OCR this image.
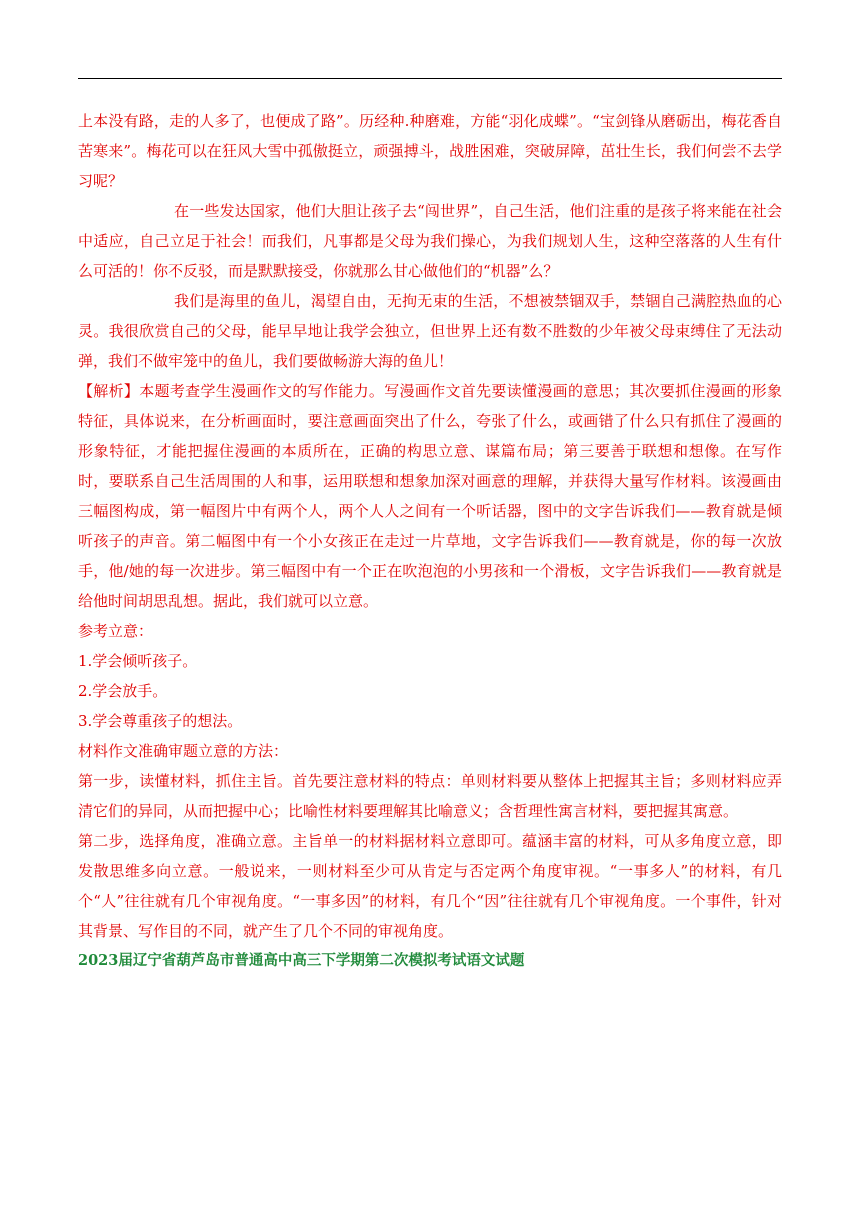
上本没有路，走的人多了，也便成了路”。历经种.种磨难，方能“羽化成蝶”。“宝剑锋从磨砺出，梅花香自苦寒来”。梅花可以在狂风大雪中孤傲挺立，顽强搏斗，战胜困难，突破屏障，茁壮生长，我们何尝不去学习呢？

在一些发达国家，他们大胆让孩子去“闯世界”，自己生活，他们注重的是孩子将来能在社会中适应，自己立足于社会！而我们，凡事都是父母为我们操心，为我们规划人生，这种空落落的人生有什么可活的！你不反驳，而是默默接受，你就那么甘心做他们的“机器”么？

我们是海里的鱼儿，渴望自由，无拘无束的生活，不想被禁锢双手，禁锢自己满腔热血的心灵。我很欣赏自己的父母，能早早地让我学会独立，但世界上还有数不胜数的少年被父母束缚住了无法动弹，我们不做牢笼中的鱼儿，我们要做畅游大海的鱼儿！

【解析】本题考查学生漫画作文的写作能力。写漫画作文首先要读懂漫画的意思；其次要抓住漫画的形象特征，具体说来，在分析画面时，要注意画面突出了什么，夸张了什么，或画错了什么只有抓住了漫画的形象特征，才能把握住漫画的本质所在，正确的构思立意、谋篇布局；第三要善于联想和想像。在写作时，要联系自己生活周围的人和事，运用联想和想象加深对画意的理解，并获得大量写作材料。该漫画由三幅图构成，第一幅图片中有两个人，两个人人之间有一个听话器，图中的文字告诉我们——教育就是倾听孩子的声音。第二幅图中有一个小女孩正在走过一片草地，文字告诉我们——教育就是，你的每一次放手，他/她的每一次进步。第三幅图中有一个正在吹泡泡的小男孩和一个滑板，文字告诉我们——教育就是给他时间胡思乱想。据此，我们就可以立意。

参考立意：

1.学会倾听孩子。

2.学会放手。

3.学会尊重孩子的想法。

材料作文准确审题立意的方法：

第一步，读懂材料，抓住主旨。首先要注意材料的特点：单则材料要从整体上把握其主旨；多则材料应弄清它们的异同，从而把握中心；比喻性材料要理解其比喻意义；含哲理性寓言材料，要把握其寓意。

第二步，选择角度，准确立意。主旨单一的材料据材料立意即可。蕴涵丰富的材料，可从多角度立意，即发散思维多向立意。一般说来，一则材料至少可从肯定与否定两个角度审视。“一事多人”的材料，有几个“人”往往就有几个审视角度。“一事多因”的材料，有几个“因”往往就有几个审视角度。一个事件，针对其背景、写作目的不同，就产生了几个不同的审视角度。

2023届辽宁省葫芦岛市普通高中高三下学期第二次模拟考试语文试题
